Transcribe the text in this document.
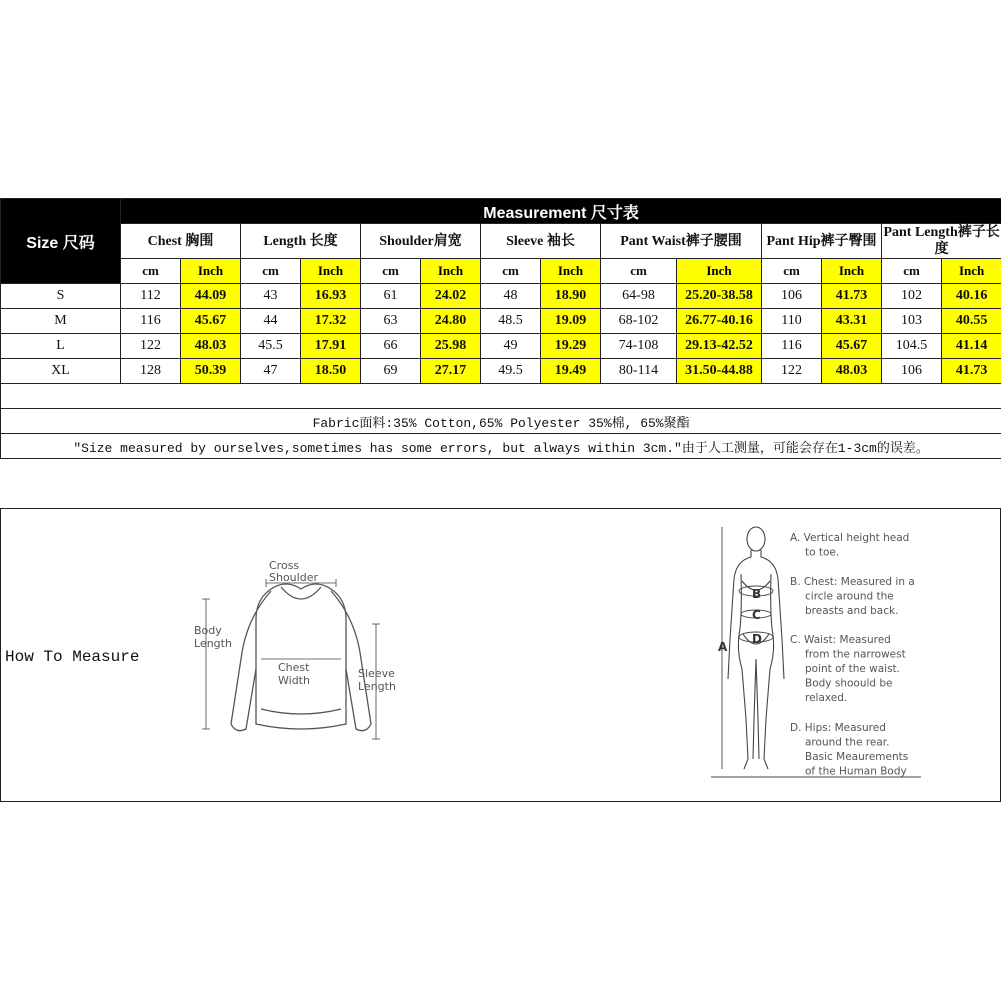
Size 尺码	Measurement 尺寸表													
	Chest 胸围		Length 长度		Shoulder肩宽		Sleeve 袖长		Pant Waist裤子腰围		Pant Hip裤子臀围		Pant Length裤子长度	
	cm	Inch	cm	Inch	cm	Inch	cm	Inch	cm	Inch	cm	Inch	cm	Inch
S	112	44.09	43	16.93	61	24.02	48	18.90	64-98	25.20-38.58	106	41.73	102	40.16
M	116	45.67	44	17.32	63	24.80	48.5	19.09	68-102	26.77-40.16	110	43.31	103	40.55
L	122	48.03	45.5	17.91	66	25.98	49	19.29	74-108	29.13-42.52	116	45.67	104.5	41.14
XL	128	50.39	47	18.50	69	27.17	49.5	19.49	80-114	31.50-44.88	122	48.03	106	41.73

Fabric面料:35% Cotton,65% Polyester 35%棉, 65%聚酯														
"Size measured by ourselves,sometimes has some errors, but always within 3cm."由于人工测量，可能会存在1-3cm的误差。														
How To Measure
Cross
Shoulder
Body
Length
Chest
Width
Sleeve
Length
A
B
C
D
A. Vertical height head
to toe.
B. Chest: Measured in a
circle around the
breasts and back.
C. Waist: Measured
from the narrowest
point of the waist.
Body shoould be
relaxed.
D. Hips: Measured
around the rear.
Basic Meaurements
of the Human Body
